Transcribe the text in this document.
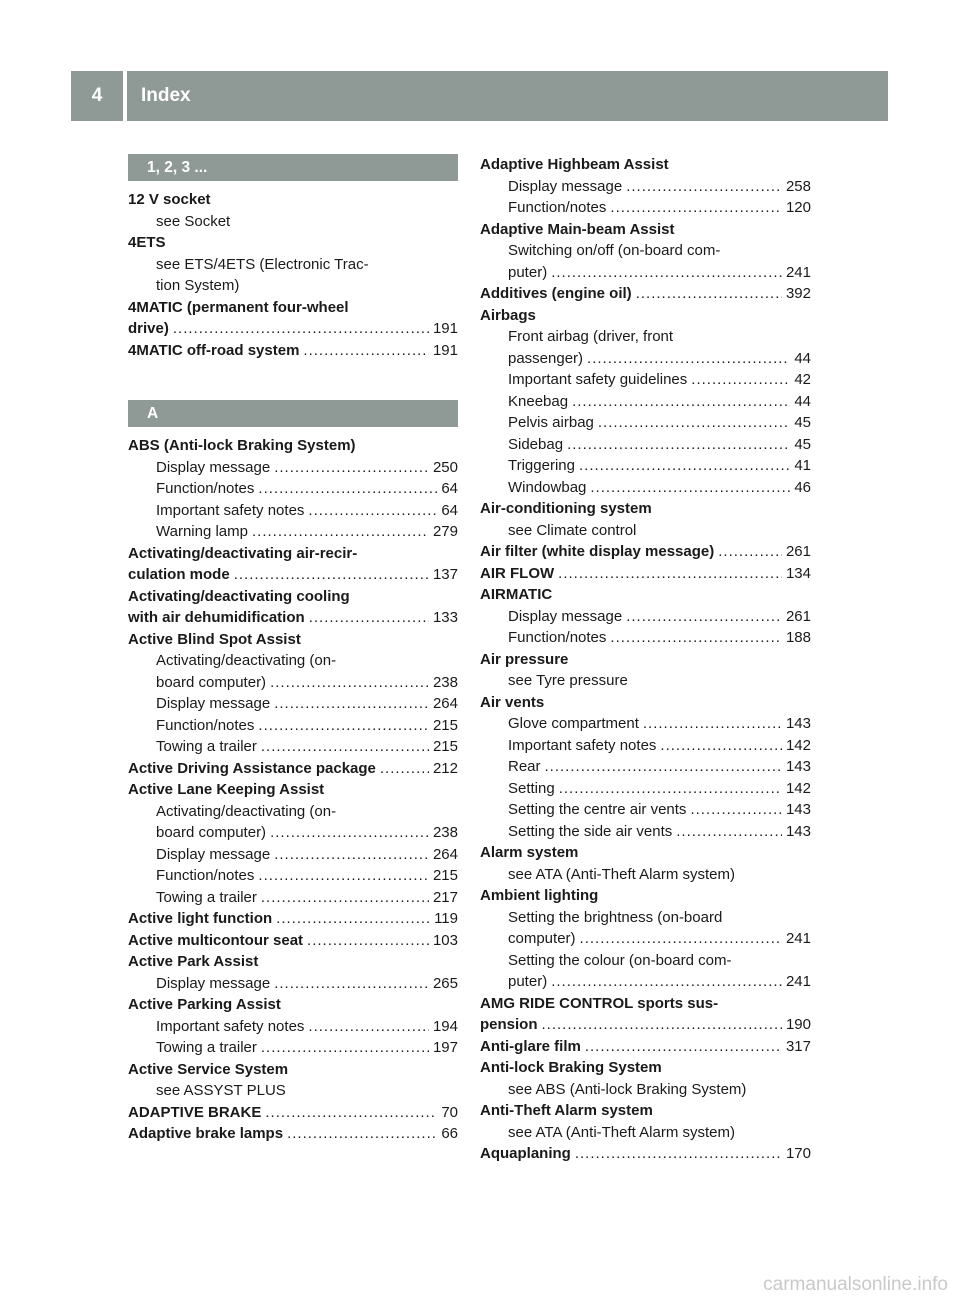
4	Index
1, 2, 3 ...
12 V socket
see Socket
4ETS
see ETS/4ETS (Electronic Trac-
tion System)
4MATIC (permanent four-wheel
drive) .....	191
4MATIC off-road system .....	191
A
ABS (Anti-lock Braking System)
Display message .....	250
Function/notes .....	64
Important safety notes .....	64
Warning lamp .....	279
Activating/deactivating air-recir-
culation mode .....	137
Activating/deactivating cooling
with air dehumidification .....	133
Active Blind Spot Assist
Activating/deactivating (on-
board computer) .....	238
Display message .....	264
Function/notes .....	215
Towing a trailer .....	215
Active Driving Assistance package .....	212
Active Lane Keeping Assist
Activating/deactivating (on-
board computer) .....	238
Display message .....	264
Function/notes .....	215
Towing a trailer .....	217
Active light function .....	119
Active multicontour seat .....	103
Active Park Assist
Display message .....	265
Active Parking Assist
Important safety notes .....	194
Towing a trailer .....	197
Active Service System
see ASSYST PLUS
ADAPTIVE BRAKE .....	70
Adaptive brake lamps .....	66
Adaptive Highbeam Assist
Display message .....	258
Function/notes .....	120
Adaptive Main-beam Assist
Switching on/off (on-board com-
puter) .....	241
Additives (engine oil) .....	392
Airbags
Front airbag (driver, front
passenger) .....	44
Important safety guidelines .....	42
Kneebag .....	44
Pelvis airbag .....	45
Sidebag .....	45
Triggering .....	41
Windowbag .....	46
Air-conditioning system
see Climate control
Air filter (white display message) .....	261
AIR FLOW .....	134
AIRMATIC
Display message .....	261
Function/notes .....	188
Air pressure
see Tyre pressure
Air vents
Glove compartment .....	143
Important safety notes .....	142
Rear .....	143
Setting .....	142
Setting the centre air vents .....	143
Setting the side air vents .....	143
Alarm system
see ATA (Anti-Theft Alarm system)
Ambient lighting
Setting the brightness (on-board
computer) .....	241
Setting the colour (on-board com-
puter) .....	241
AMG RIDE CONTROL sports sus-
pension .....	190
Anti-glare film .....	317
Anti-lock Braking System
see ABS (Anti-lock Braking System)
Anti-Theft Alarm system
see ATA (Anti-Theft Alarm system)
Aquaplaning .....	170
carmanualsonline.info
